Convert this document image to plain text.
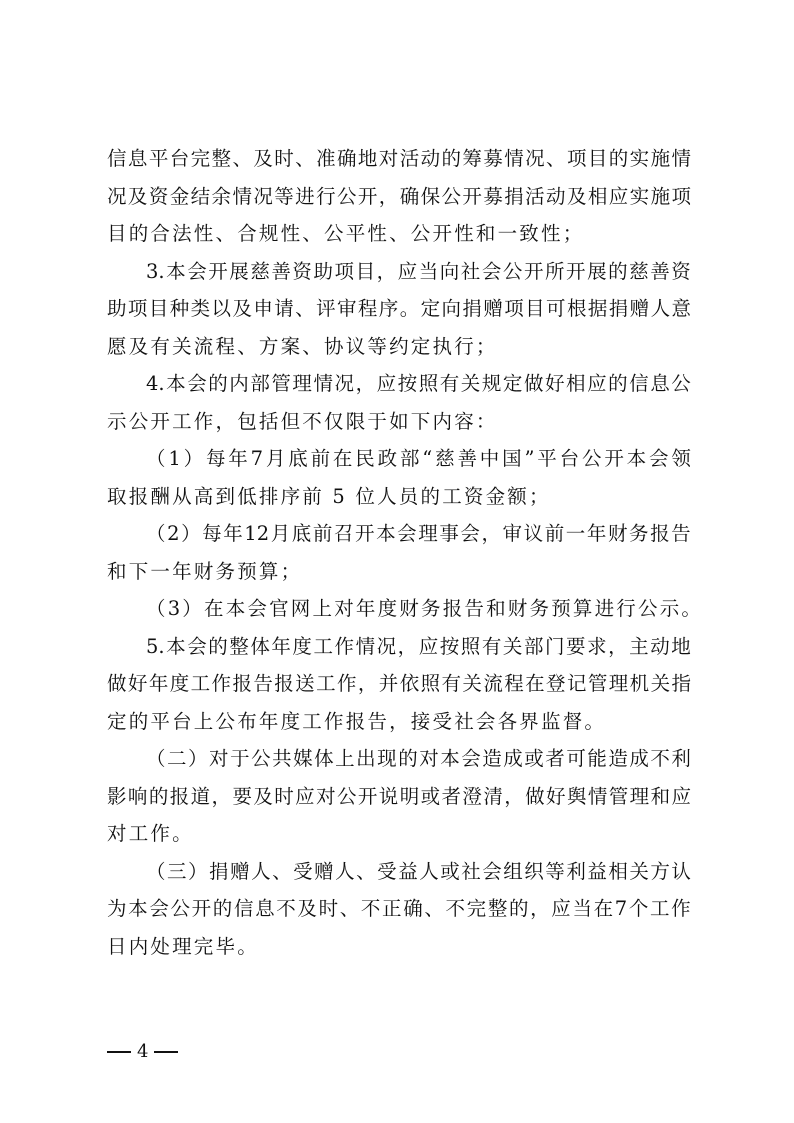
信 息 平 台 完 整 、 及 时 、 准 确 地 对 活 动 的 筹 募 情 况 、 项 目 的 实 施 情
况 及 资 金 结 余 情 况 等 进 行 公 开 ， 确 保 公 开 募 捐 活 动 及 相 应 实 施 项
目的合法性、合规性、公平性、公开性和一致性；
3. 本 会 开 展 慈 善 资 助 项 目 ， 应 当 向 社 会 公 开 所 开 展 的 慈 善 资
助 项 目 种 类 以 及 申 请 、 评 审 程 序 。 定 向 捐 赠 项 目 可 根 据 捐 赠 人 意
愿及有关流程、方案、协议等约定执行；
4. 本 会 的 内 部 管 理 情 况 ， 应 按 照 有 关 规 定 做 好 相 应 的 信 息 公
示公开工作，包括但不仅限于如下内容：
（ 1 ） 每 年 7 月 底 前 在 民 政 部 “ 慈 善 中 国 ” 平 台 公 开 本 会 领
取报酬从高到低排序前 5 位人员的工资金额；
（ 2 ） 每 年 12 月 底 前 召 开 本 会 理 事 会 ， 审 议 前 一 年 财 务 报 告
和下一年财务预算；
（3）在本会官网上对年度财务报告和财务预算进行公示。
5. 本 会 的 整 体 年 度 工 作 情 况 ， 应 按 照 有 关 部 门 要 求 ， 主 动 地
做 好 年 度 工 作 报 告 报 送 工 作 ， 并 依 照 有 关 流 程 在 登 记 管 理 机 关 指
定的平台上公布年度工作报告，接受社会各界监督。
（ 二 ） 对 于 公 共 媒 体 上 出 现 的 对 本 会 造 成 或 者 可 能 造 成 不 利
影 响 的 报 道 ， 要 及 时 应 对 公 开 说 明 或 者 澄 清 ， 做 好 舆 情 管 理 和 应
对工作。
（ 三 ） 捐 赠 人 、 受 赠 人 、 受 益 人 或 社 会 组 织 等 利 益 相 关 方 认
为 本 会 公 开 的 信 息 不 及 时 、 不 正 确 、 不 完 整 的 ， 应 当 在 7 个 工 作
日内处理完毕。
4
